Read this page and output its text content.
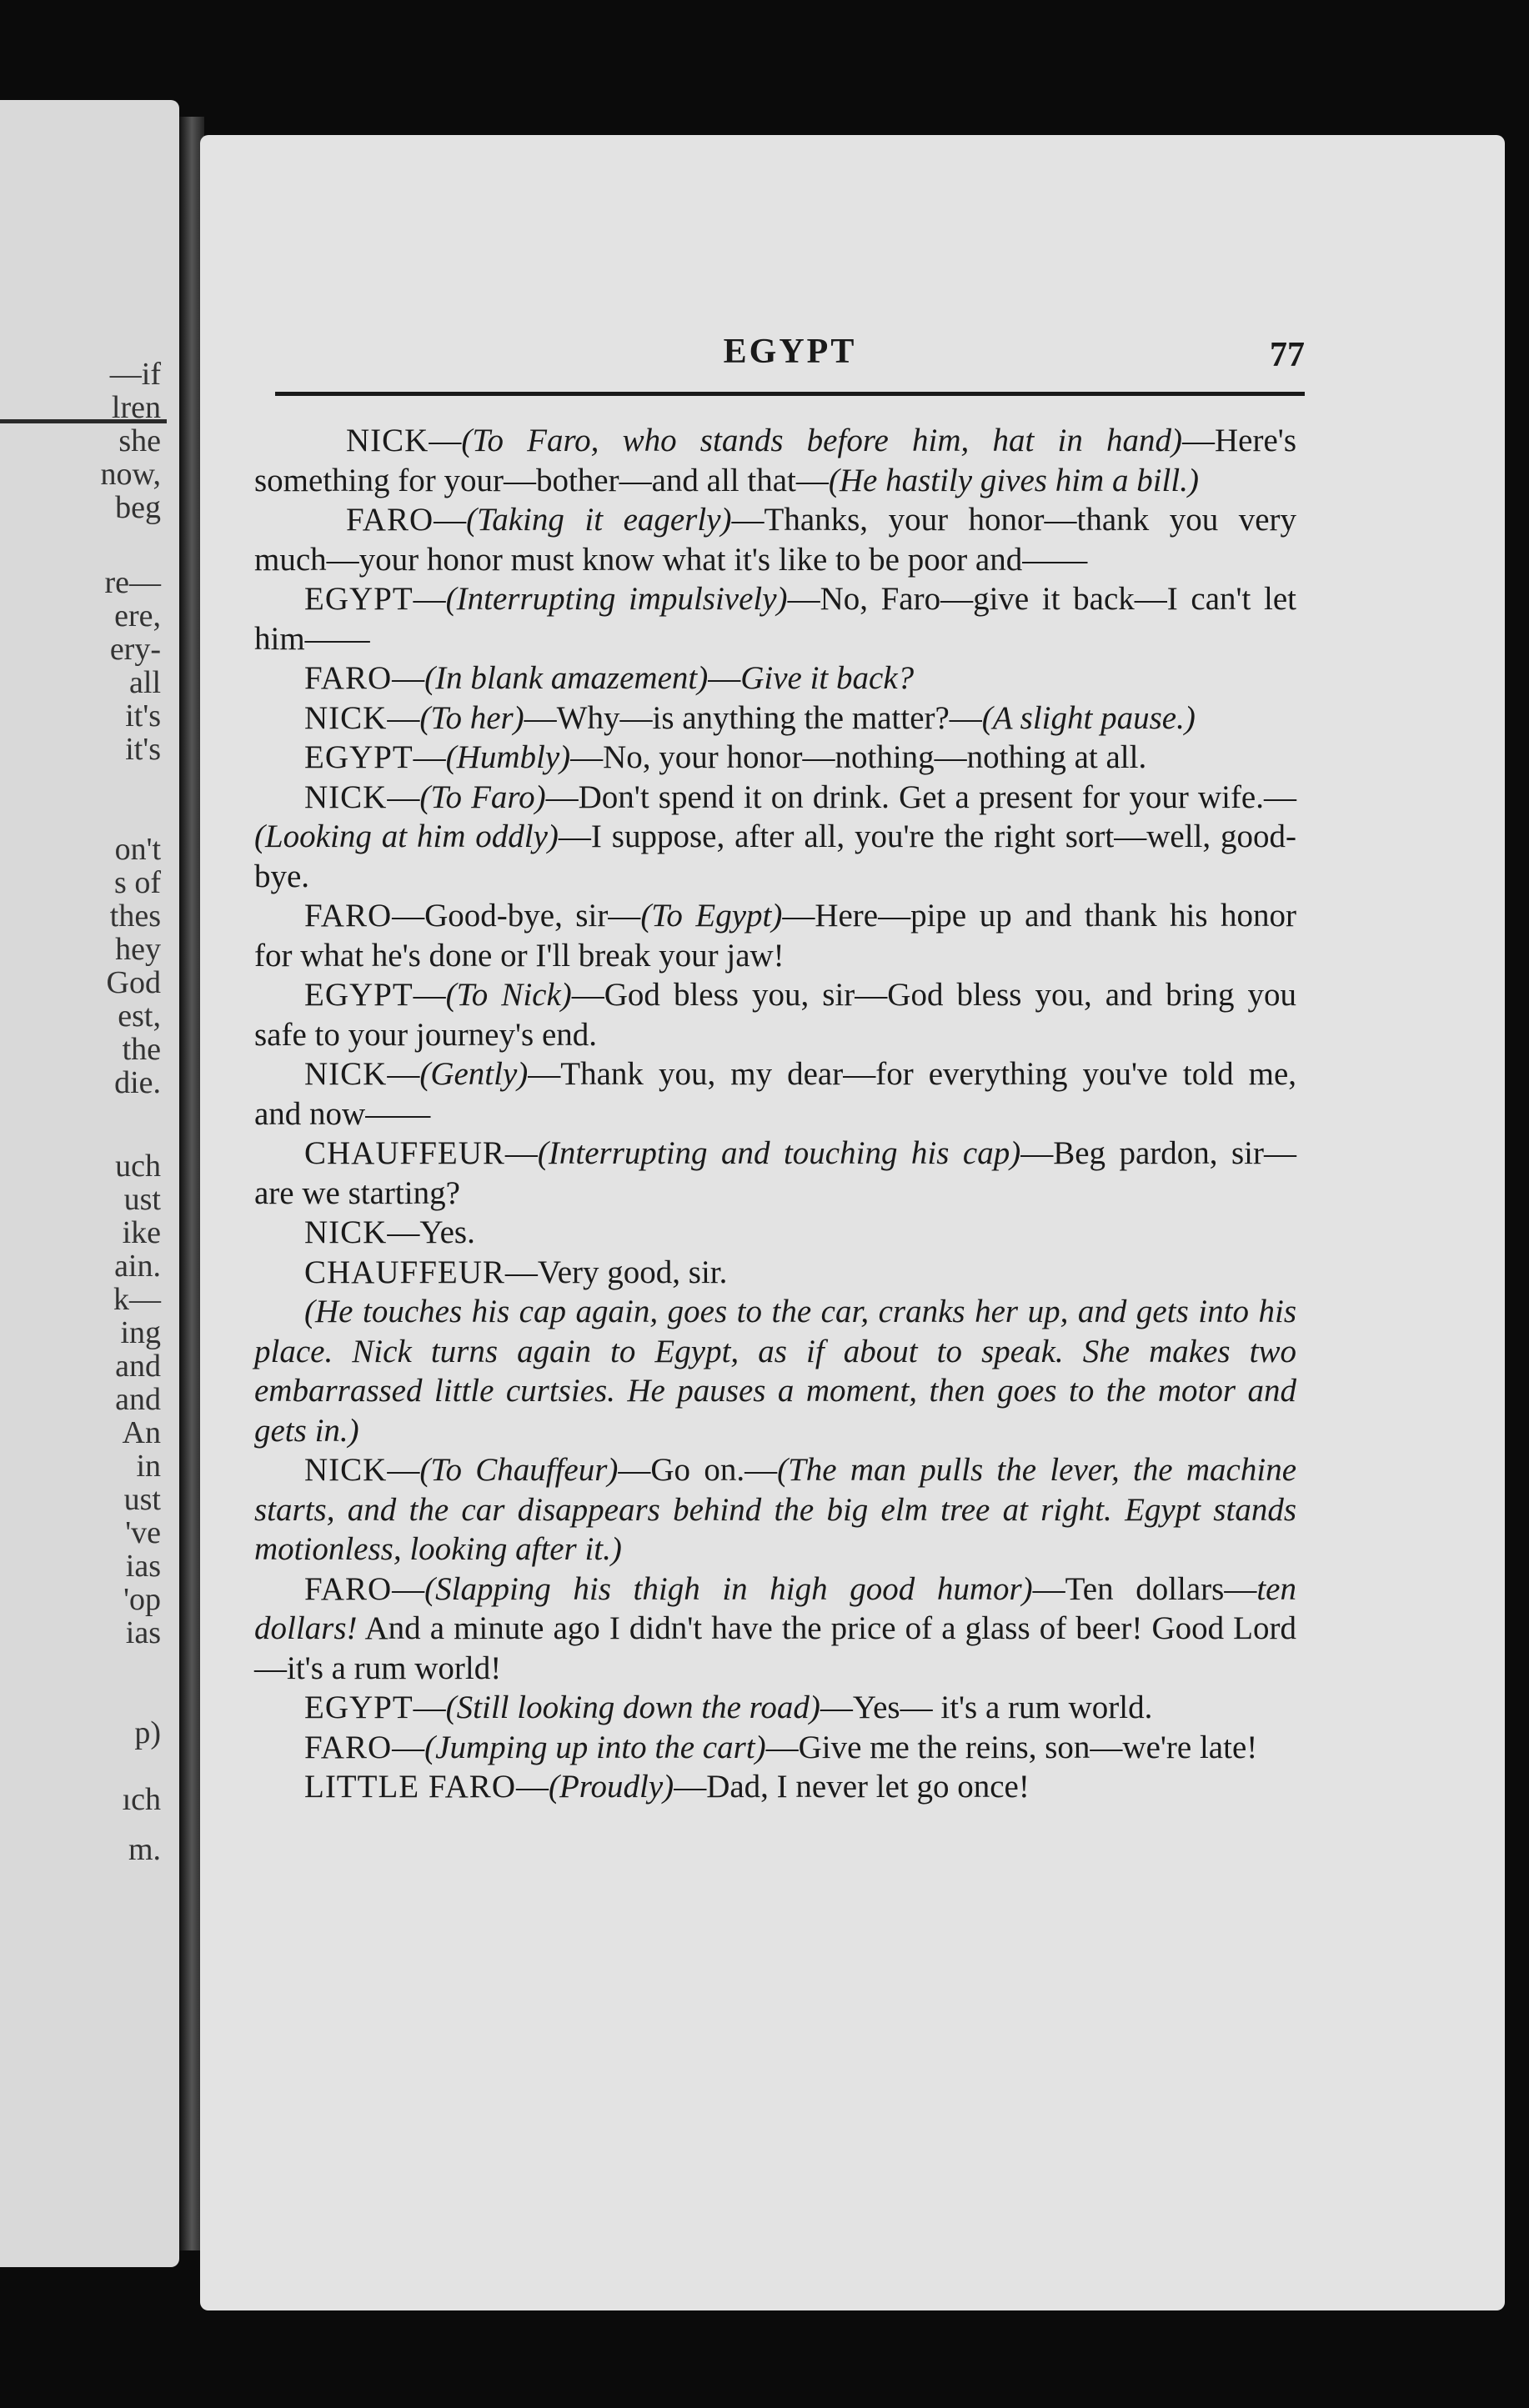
—if
lren
she
now,
beg
re—
ere,
ery-
all
it's
it's
on't
s of
thes
hey
God
est,
the
die.
uch
ust
ike
ain.
k—
ing
and
and
An
in
ust
've
ias
'op
ias
p)
ıch
m.
EGYPT	77

NICK—(To Faro, who stands before him, hat in hand)—Here's something for your—bother—and all that—(He hastily gives him a bill.)

FARO—(Taking it eagerly)—Thanks, your honor—thank you very much—your honor must know what it's like to be poor and——

EGYPT—(Interrupting impulsively)—No, Faro—give it back—I can't let him——

FARO—(In blank amazement)—Give it back?

NICK—(To her)—Why—is anything the matter?—(A slight pause.)

EGYPT—(Humbly)—No, your honor—nothing—nothing at all.

NICK—(To Faro)—Don't spend it on drink. Get a present for your wife.—(Looking at him oddly)—I suppose, after all, you're the right sort—well, good-bye.

FARO—Good-bye, sir—(To Egypt)—Here—pipe up and thank his honor for what he's done or I'll break your jaw!

EGYPT—(To Nick)—God bless you, sir—God bless you, and bring you safe to your journey's end.

NICK—(Gently)—Thank you, my dear—for everything you've told me, and now——

CHAUFFEUR—(Interrupting and touching his cap)—Beg pardon, sir—are we starting?

NICK—Yes.

CHAUFFEUR—Very good, sir.

(He touches his cap again, goes to the car, cranks her up, and gets into his place. Nick turns again to Egypt, as if about to speak. She makes two embarrassed little curtsies. He pauses a moment, then goes to the motor and gets in.)

NICK—(To Chauffeur)—Go on.—(The man pulls the lever, the machine starts, and the car disappears behind the big elm tree at right. Egypt stands motionless, looking after it.)

FARO—(Slapping his thigh in high good humor)—Ten dollars—ten dollars! And a minute ago I didn't have the price of a glass of beer! Good Lord—it's a rum world!

EGYPT—(Still looking down the road)—Yes— it's a rum world.

FARO—(Jumping up into the cart)—Give me the reins, son—we're late!

LITTLE FARO—(Proudly)—Dad, I never let go once!
